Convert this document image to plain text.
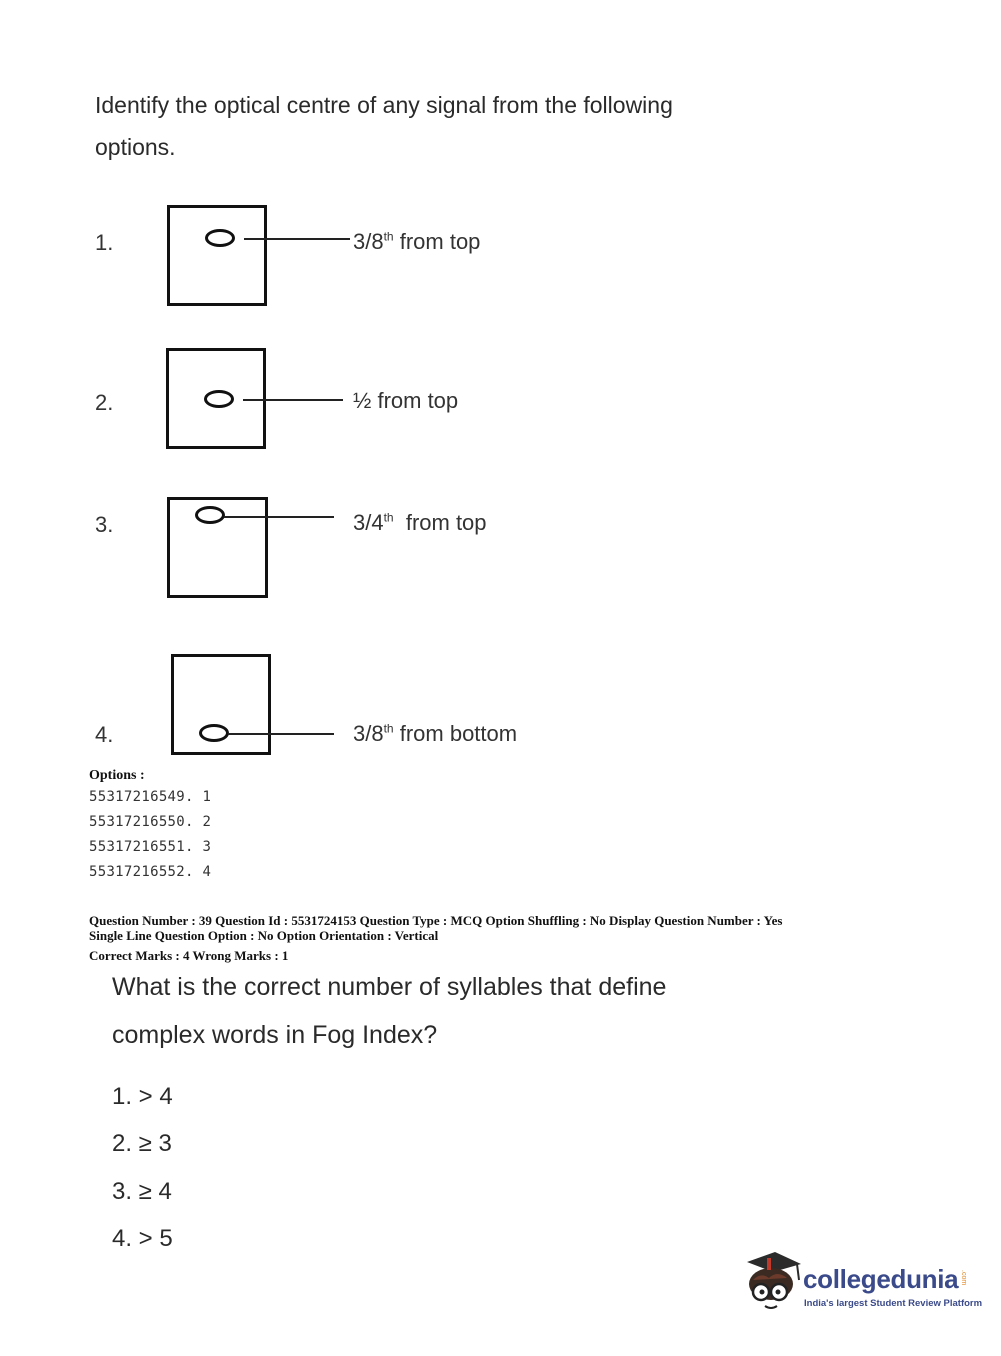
Identify the optical centre of any signal from the following
options.
1.	3/8th from top
2.	½ from top
3.	3/4th  from top
4.	3/8th from bottom
Options :
55317216549. 1
55317216550. 2
55317216551. 3
55317216552. 4
Question Number : 39 Question Id : 5531724153 Question Type : MCQ Option Shuffling : No Display Question Number : Yes
Single Line Question Option : No Option Orientation : Vertical
Correct Marks : 4 Wrong Marks : 1
What is the correct number of syllables that define
complex words in Fog Index?
1. > 4
2. ≥ 3
3. ≥ 4
4. > 5
collegedunia .com
India's largest Student Review Platform
